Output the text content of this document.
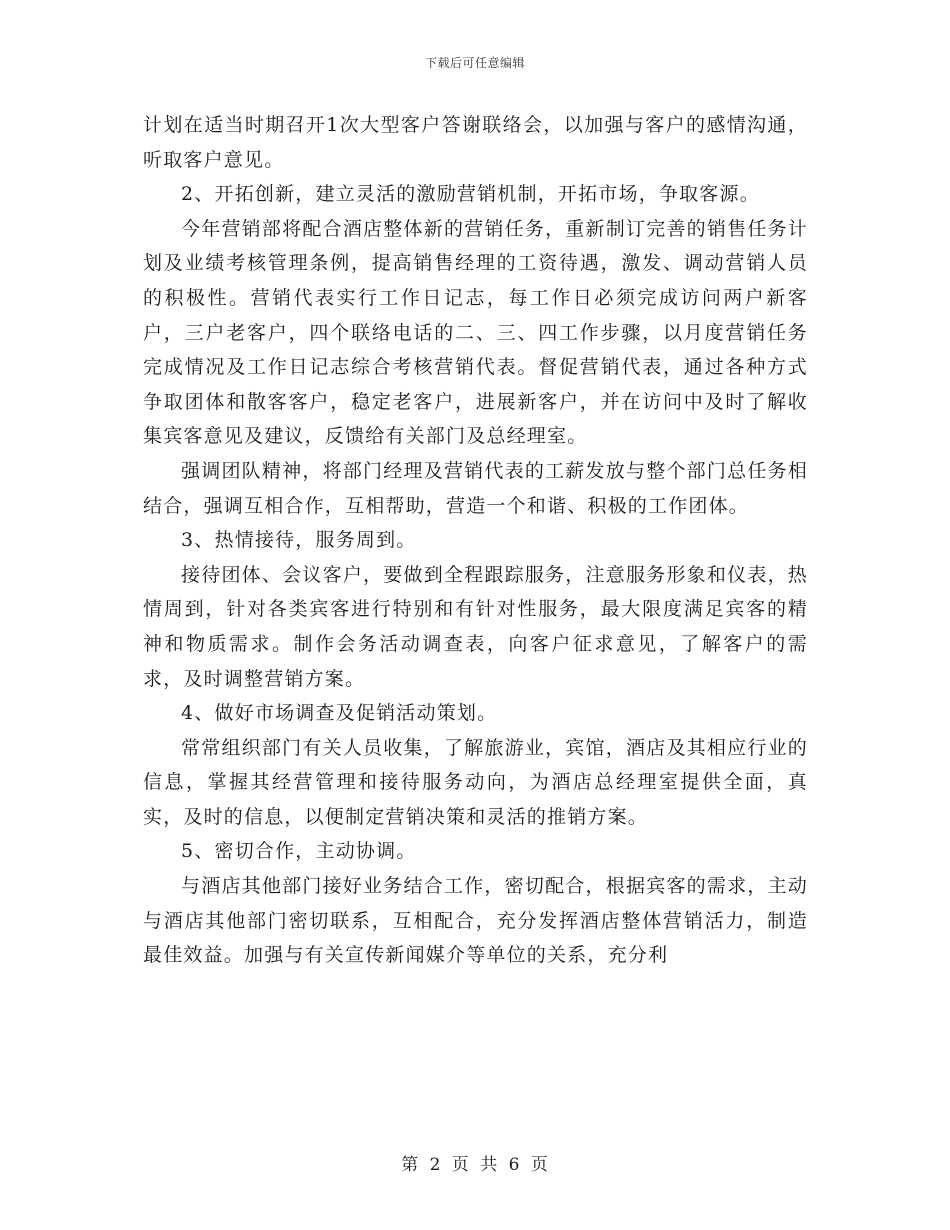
下载后可任意编辑

计划在适当时期召开1次大型客户答谢联络会，以加强与客户的感情沟通，听取客户意见。

2、开拓创新，建立灵活的激励营销机制，开拓市场，争取客源。

今年营销部将配合酒店整体新的营销任务，重新制订完善的销售任务计划及业绩考核管理条例，提高销售经理的工资待遇，激发、调动营销人员的积极性。营销代表实行工作日记志，每工作日必须完成访问两户新客户，三户老客户，四个联络电话的二、三、四工作步骤，以月度营销任务完成情况及工作日记志综合考核营销代表。督促营销代表，通过各种方式争取团体和散客客户，稳定老客户，进展新客户，并在访问中及时了解收集宾客意见及建议，反馈给有关部门及总经理室。

强调团队精神，将部门经理及营销代表的工薪发放与整个部门总任务相结合，强调互相合作，互相帮助，营造一个和谐、积极的工作团体。

3、热情接待，服务周到。

接待团体、会议客户，要做到全程跟踪服务，注意服务形象和仪表，热情周到，针对各类宾客进行特别和有针对性服务，最大限度满足宾客的精神和物质需求。制作会务活动调查表，向客户征求意见，了解客户的需求，及时调整营销方案。

4、做好市场调查及促销活动策划。

常常组织部门有关人员收集，了解旅游业，宾馆，酒店及其相应行业的信息，掌握其经营管理和接待服务动向，为酒店总经理室提供全面，真实，及时的信息，以便制定营销决策和灵活的推销方案。

5、密切合作，主动协调。

与酒店其他部门接好业务结合工作，密切配合，根据宾客的需求，主动与酒店其他部门密切联系，互相配合，充分发挥酒店整体营销活力，制造最佳效益。加强与有关宣传新闻媒介等单位的关系，充分利

第 2 页 共 6 页
